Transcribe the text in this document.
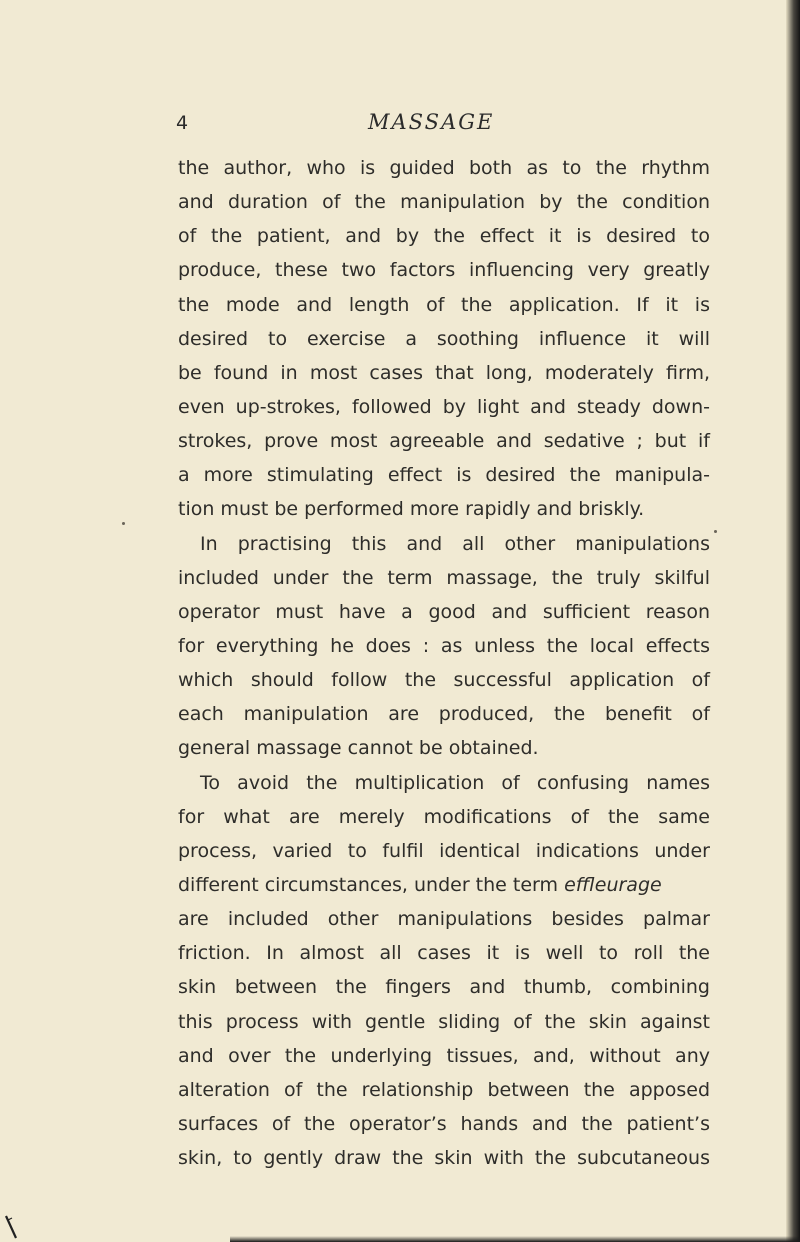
4	MASSAGE
the author, who is guided both as to the rhythm
and duration of the manipulation by the condition
of the patient, and by the effect it is desired to
produce, these two factors influencing very greatly
the mode and length of the application. If it is
desired to exercise a soothing influence it will
be found in most cases that long, moderately firm,
even up-strokes, followed by light and steady down-
strokes, prove most agreeable and sedative ; but if
a more stimulating effect is desired the manipula-
tion must be performed more rapidly and briskly.
In practising this and all other manipulations
included under the term massage, the truly skilful
operator must have a good and sufficient reason
for everything he does : as unless the local effects
which should follow the successful application of
each manipulation are produced, the benefit of
general massage cannot be obtained.
To avoid the multiplication of confusing names
for what are merely modifications of the same
process, varied to fulfil identical indications under
different circumstances, under the term effleurage
are included other manipulations besides palmar
friction. In almost all cases it is well to roll the
skin between the fingers and thumb, combining
this process with gentle sliding of the skin against
and over the underlying tissues, and, without any
alteration of the relationship between the apposed
surfaces of the operator’s hands and the patient’s
skin, to gently draw the skin with the subcutaneous
